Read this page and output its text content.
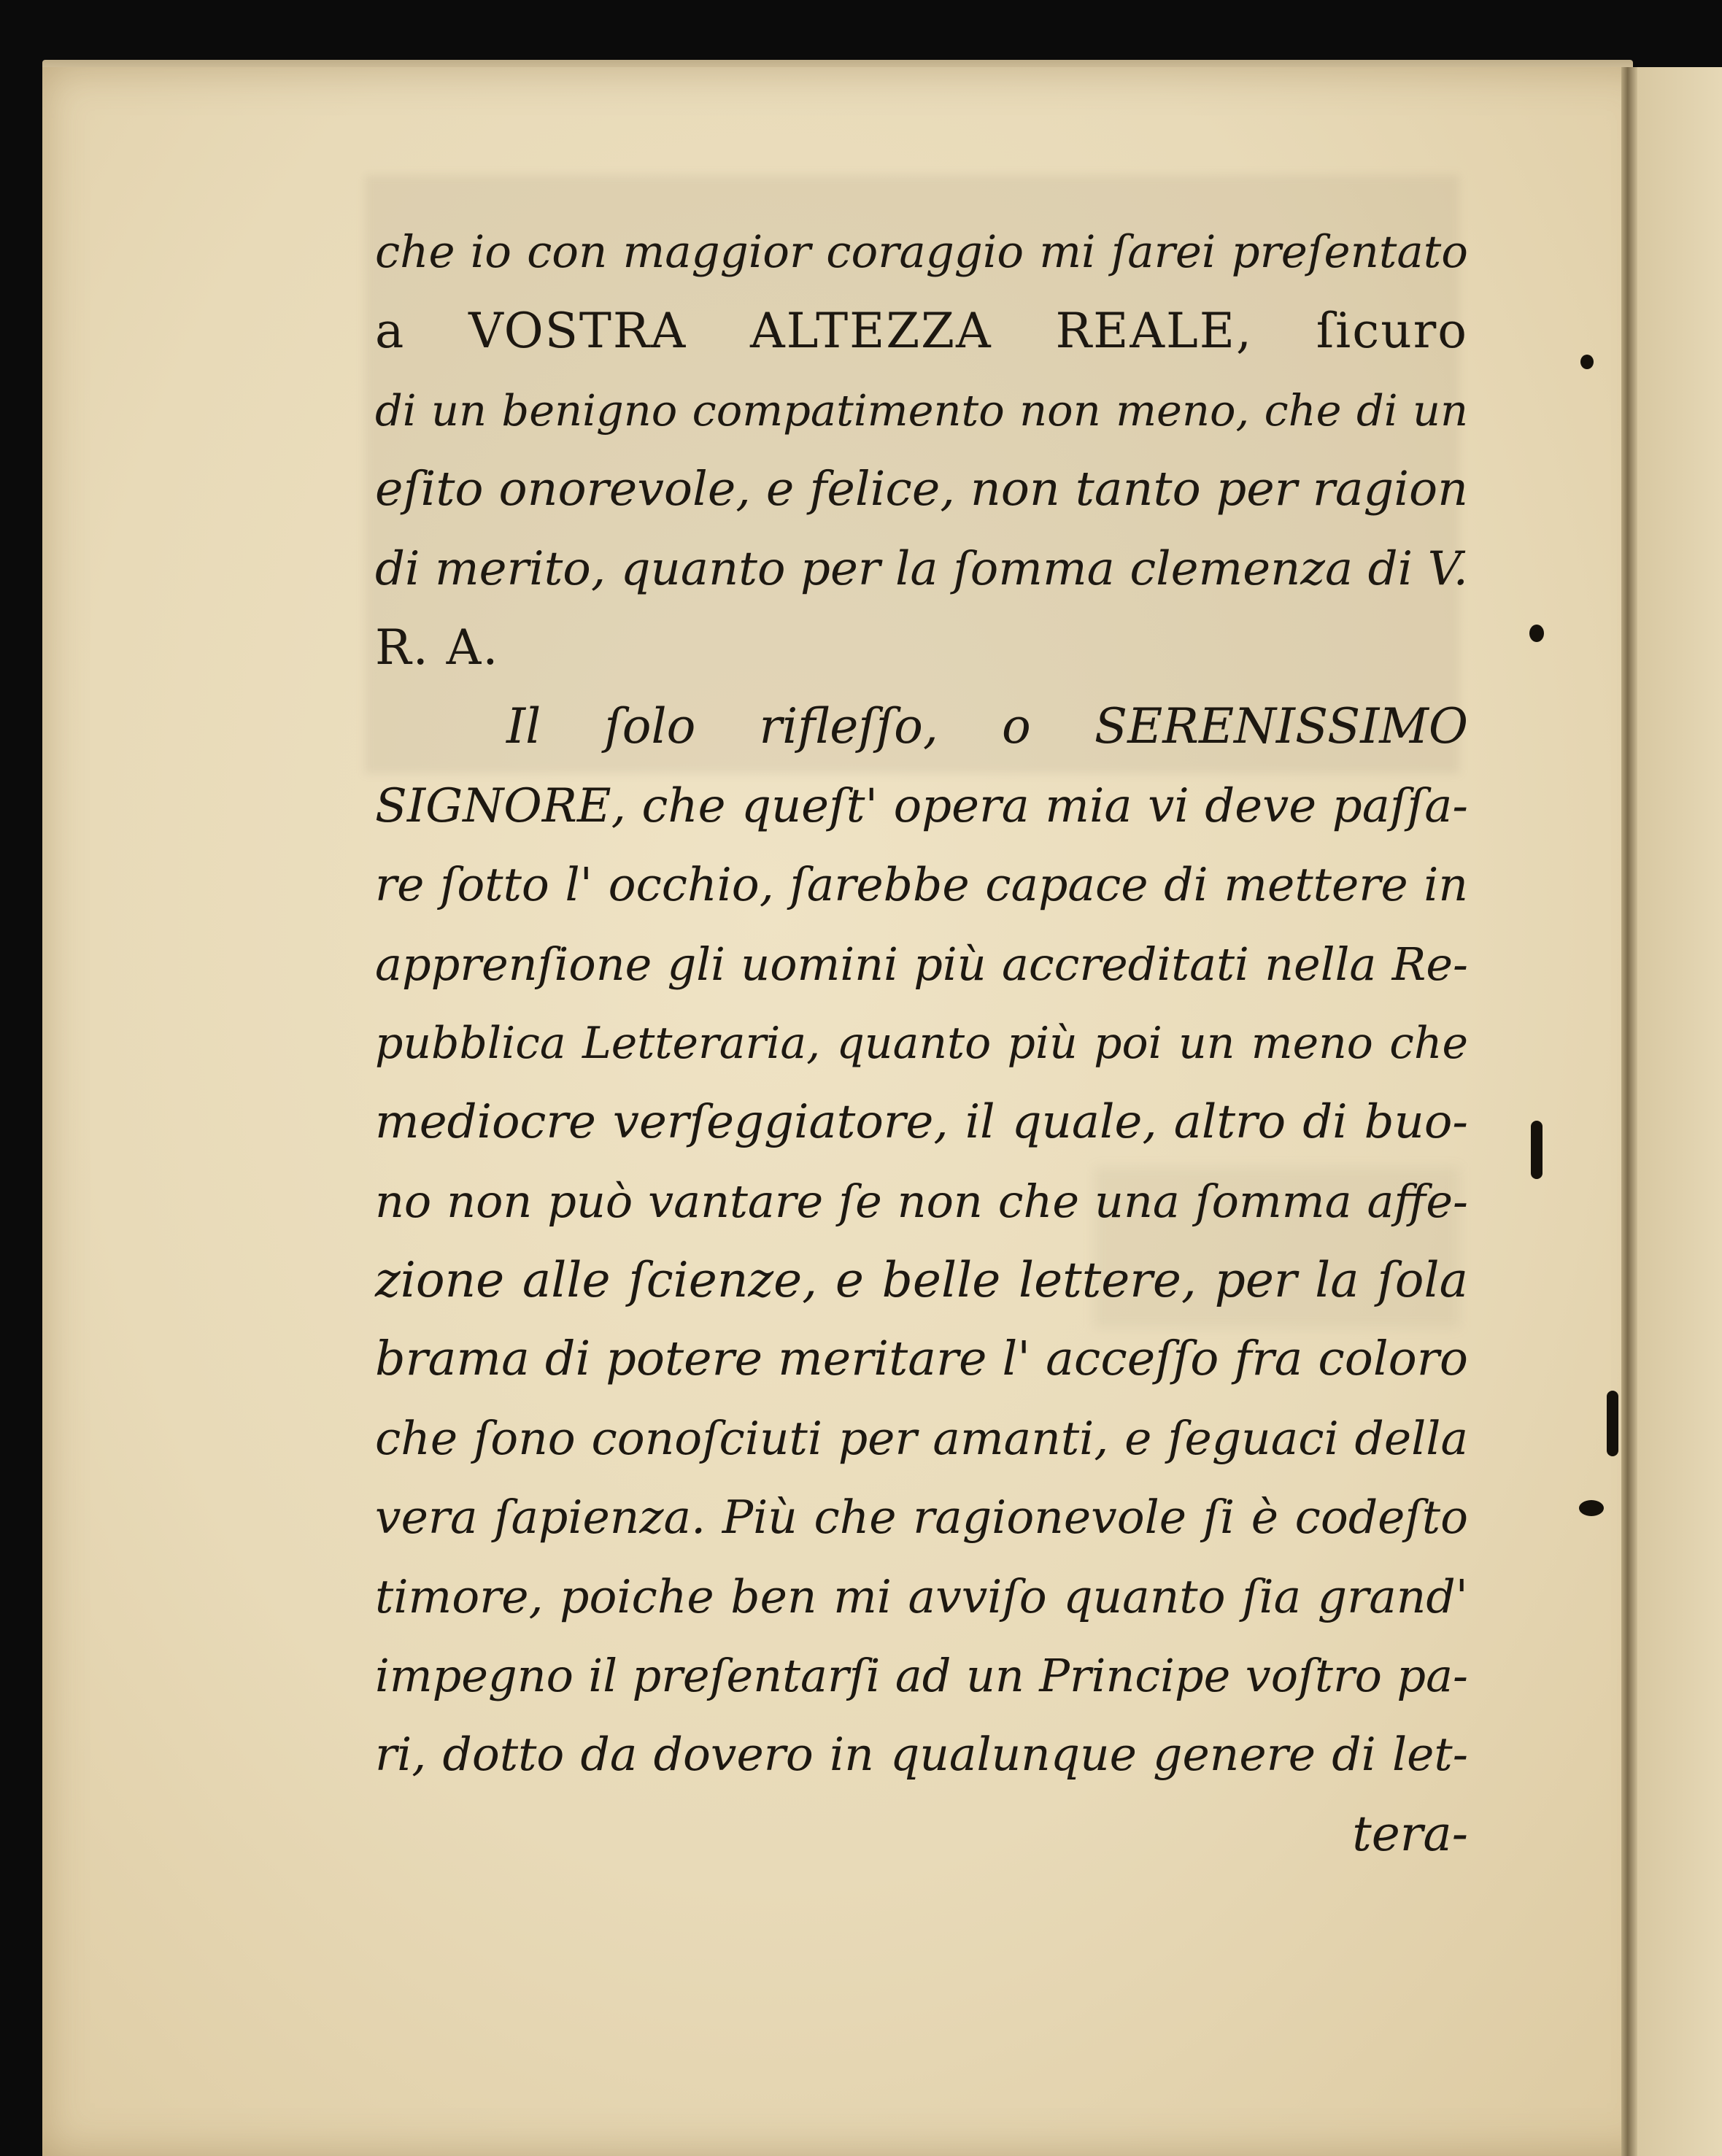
che io con maggior coraggio mi ſarei preſentato
a VOSTRA ALTEZZA REALE, ſicuro
di un benigno compatimento non meno, che di un
eſito onorevole, e felice, non tanto per ragion
di merito, quanto per la ſomma clemenza di V.
R. A.
Il ſolo rifleſſo, o SERENISSIMO
SIGNORE, che queſt' opera mia vi deve paſſa-
re ſotto l' occhio, ſarebbe capace di mettere in
apprenſione gli uomini più accreditati nella Re-
pubblica Letteraria, quanto più poi un meno che
mediocre verſeggiatore, il quale, altro di buo-
no non può vantare ſe non che una ſomma affe-
zione alle ſcienze, e belle lettere, per la ſola
brama di potere meritare l' acceſſo fra coloro
che ſono conoſciuti per amanti, e ſeguaci della
vera ſapienza. Più che ragionevole ſi è codeſto
timore, poiche ben mi avviſo quanto ſia grand'
impegno il preſentarſi ad un Principe voſtro pa-
ri, dotto da dovero in qualunque genere di let-
tera-
